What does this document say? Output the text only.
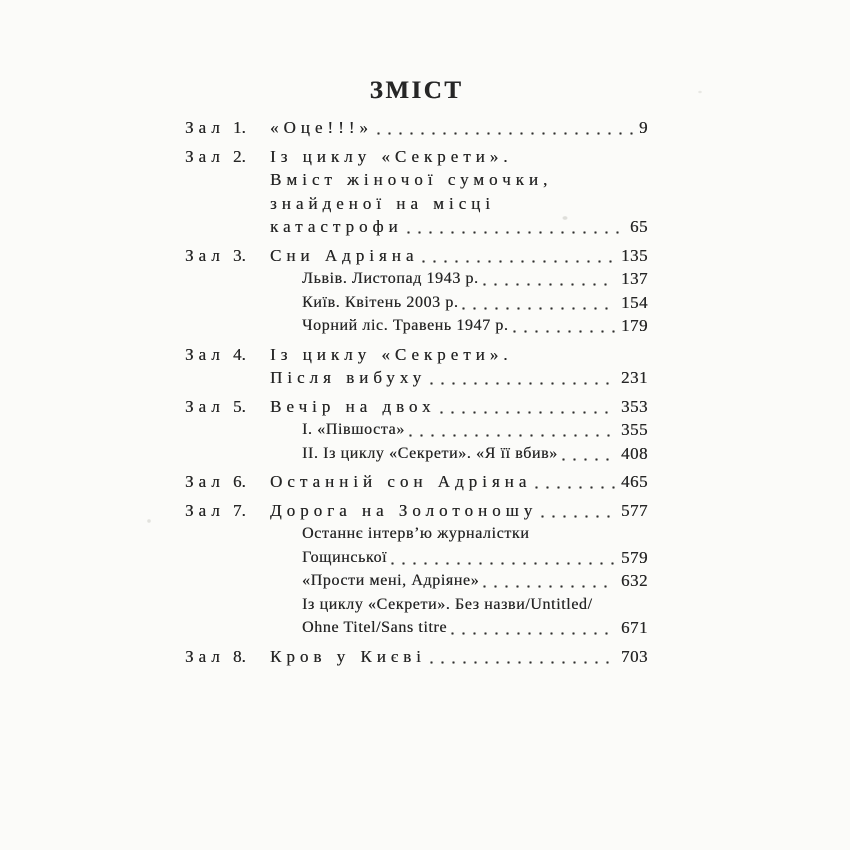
ЗМІСТ
Зал 1.	«Оце!!!»	9
Зал 2.	Із циклу «Секрети».
Вміст жіночої сумочки,
знайденої на місці
катастрофи	65
Зал 3.	Сни Адріяна	135
Львів. Листопад 1943 р.	137
Київ. Квітень 2003 р.	154
Чорний ліс. Травень 1947 р.	179
Зал 4.	Із циклу «Секрети».
Після вибуху	231
Зал 5.	Вечір на двох	353
I. «Півшоста»	355
II. Із циклу «Секрети». «Я її вбив»	408
Зал 6.	Останній сон Адріяна	465
Зал 7.	Дорога на Золотоношу	577
Останнє інтерв’ю журналістки
Гощинської	579
«Прости мені, Адріяне»	632
Із циклу «Секрети». Без назви/Untitled/
Ohne Titel/Sans titre	671
Зал 8.	Кров у Києві	703
